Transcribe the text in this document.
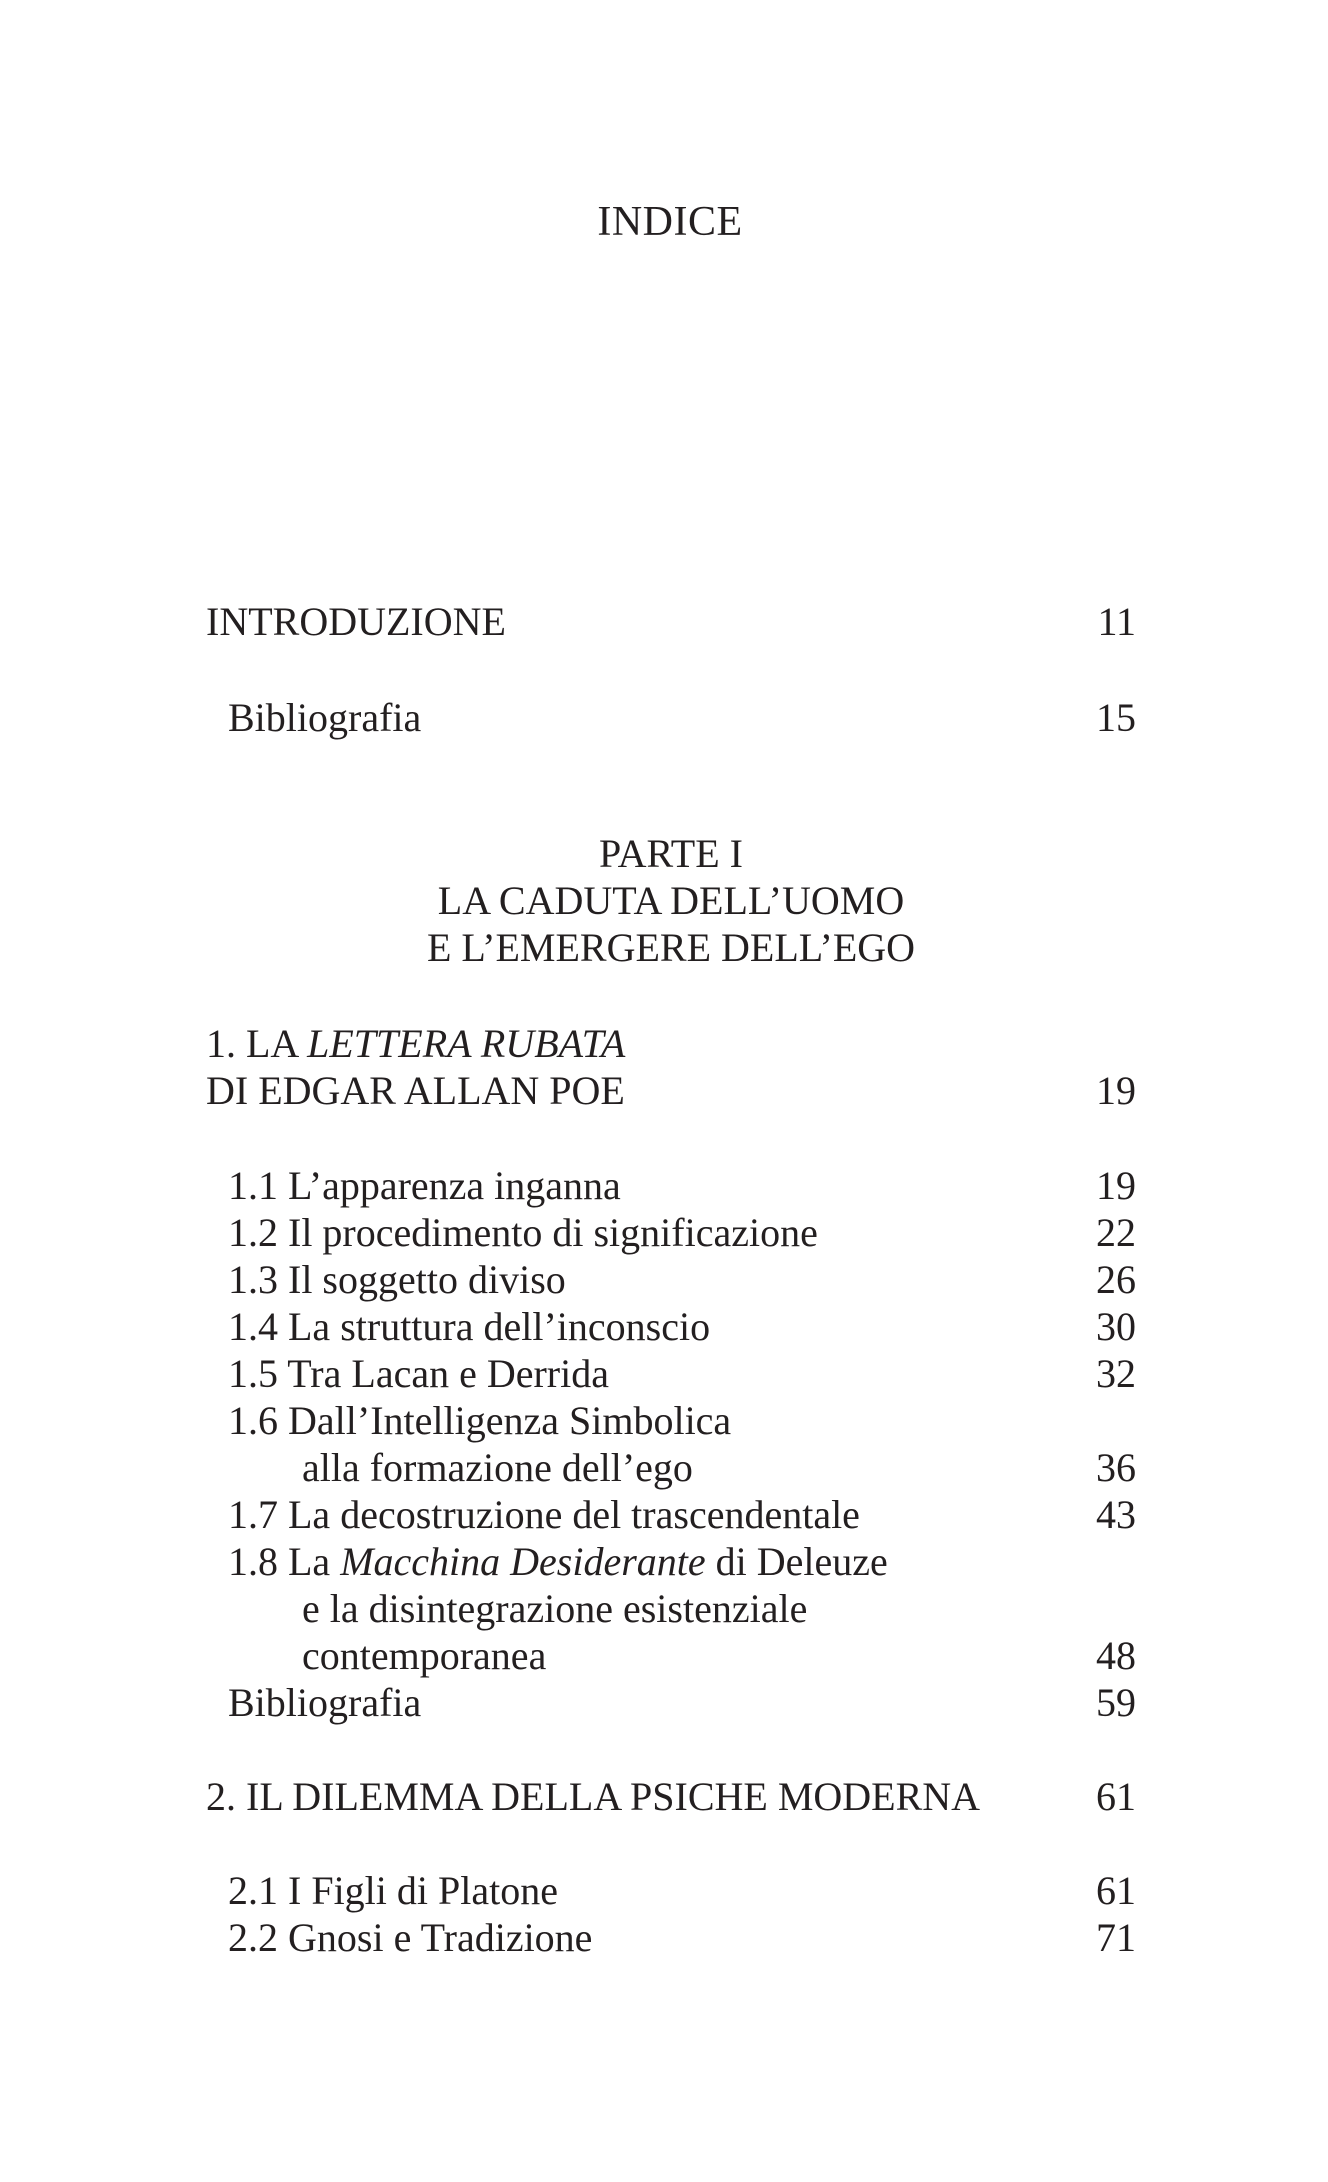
INDICE
INTRODUZIONE	11
Bibliografia	15
PARTE I
LA CADUTA DELL’UOMO
E L’EMERGERE DELL’EGO
1. LA LETTERA RUBATA
DI EDGAR ALLAN POE	19
1.1 L’apparenza inganna	19
1.2 Il procedimento di significazione	22
1.3 Il soggetto diviso	26
1.4 La struttura dell’inconscio	30
1.5 Tra Lacan e Derrida	32
1.6 Dall’Intelligenza Simbolica
alla formazione dell’ego	36
1.7 La decostruzione del trascendentale	43
1.8 La Macchina Desiderante di Deleuze
e la disintegrazione esistenziale
contemporanea	48
Bibliografia	59
2. IL DILEMMA DELLA PSICHE MODERNA	61
2.1 I Figli di Platone	61
2.2 Gnosi e Tradizione	71
